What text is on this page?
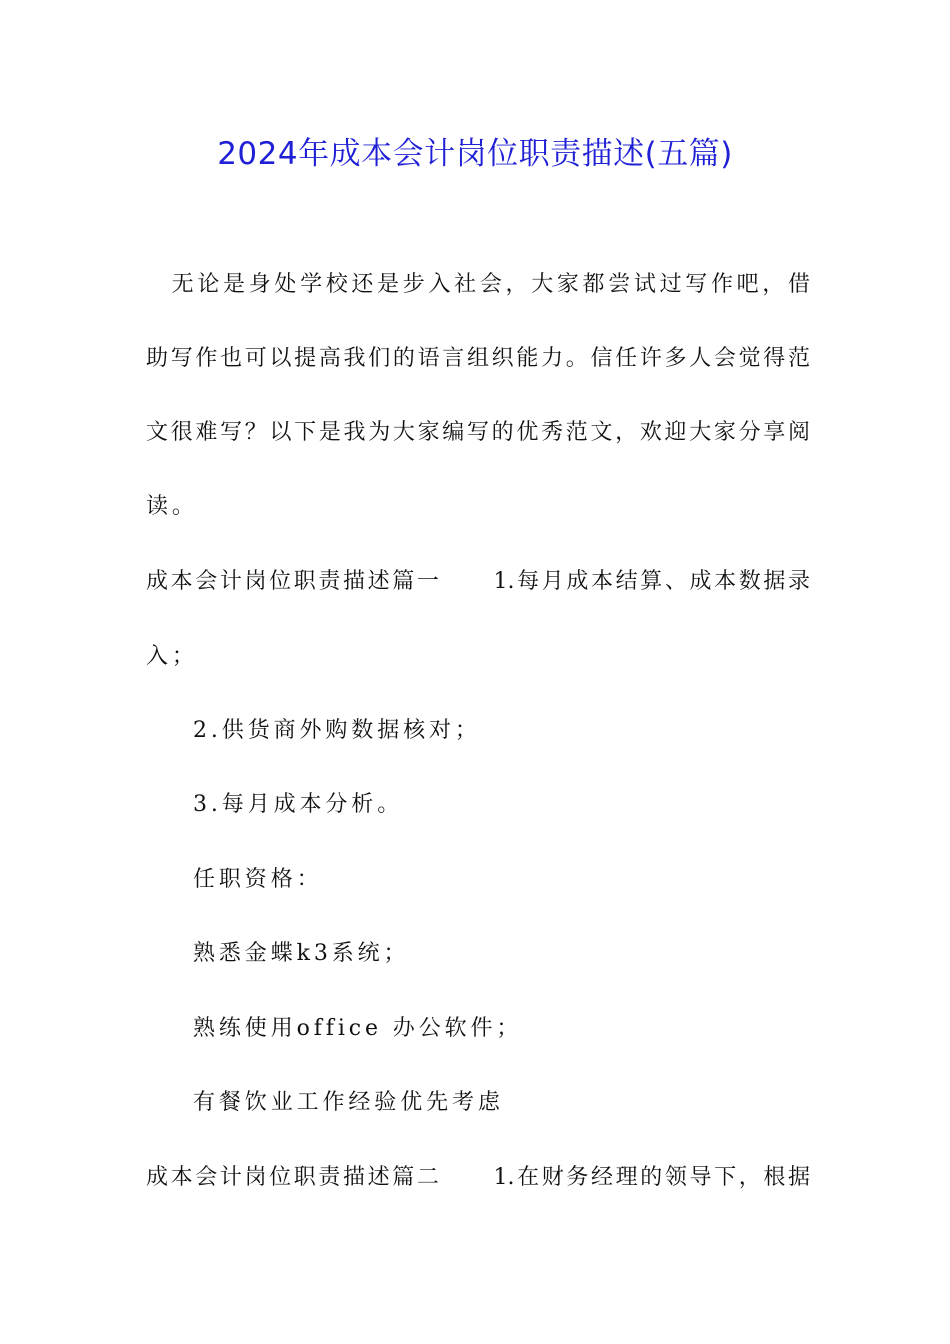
2024年成本会计岗位职责描述(五篇)
　无论是身处学校还是步入社会，大家都尝试过写作吧，借
助写作也可以提高我们的语言组织能力。信任许多人会觉得范
文很难写？以下是我为大家编写的优秀范文，欢迎大家分享阅
读。
成本会计岗位职责描述篇一 1.每月成本结算、成本数据录
入；
2.供货商外购数据核对；
3.每月成本分析。
任职资格：
熟悉金蝶k3系统；
熟练使用office 办公软件；
有餐饮业工作经验优先考虑
成本会计岗位职责描述篇二 1.在财务经理的领导下，根据
